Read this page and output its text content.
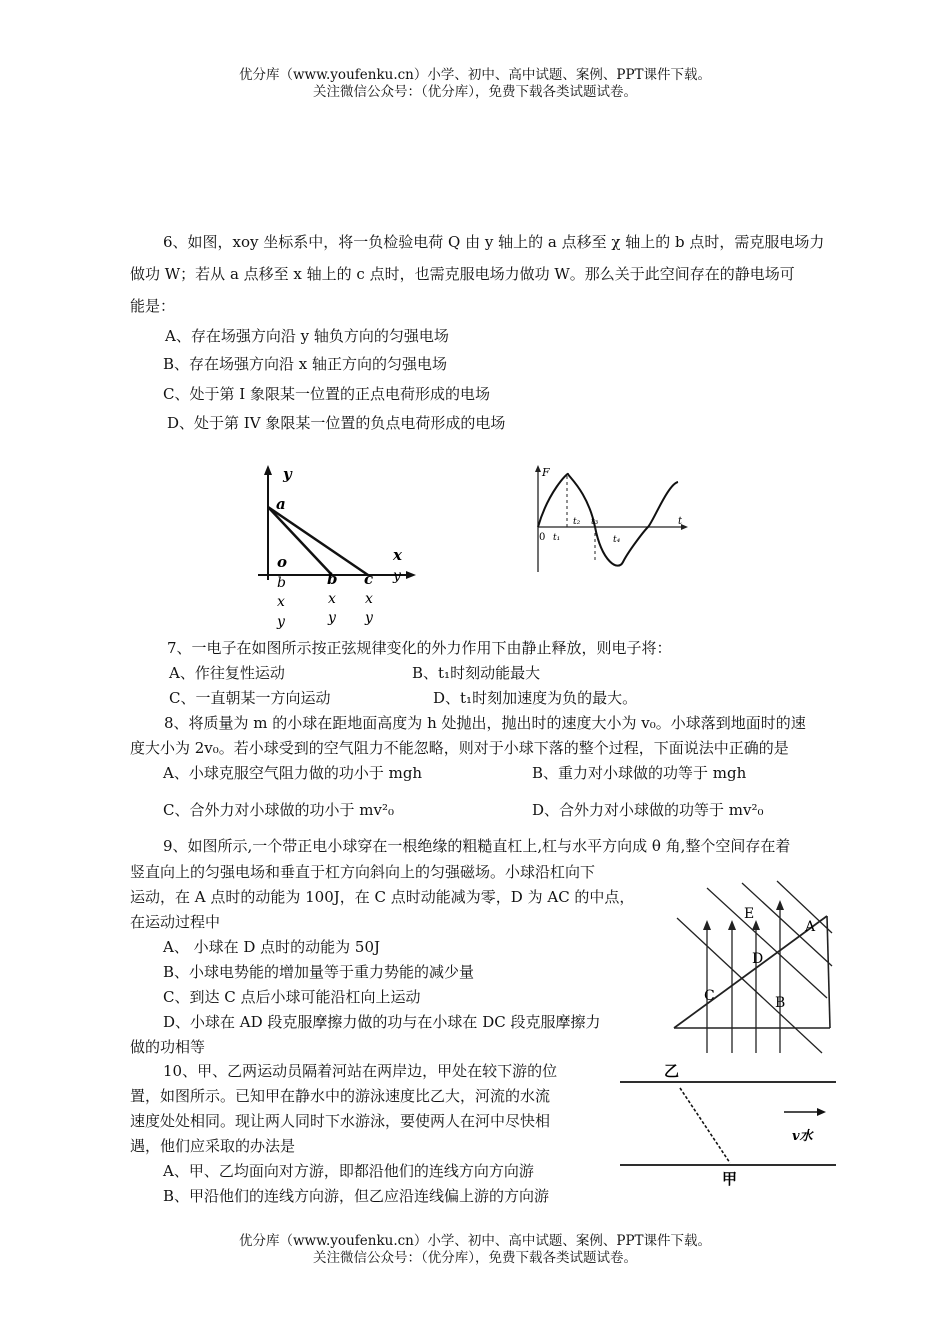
优分库（www.youfenku.cn）小学、初中、高中试题、案例、PPT课件下载。
关注微信公众号：（优分库），免费下载各类试题试卷。
6、如图，xoy 坐标系中，将一负检验电荷 Q 由 y 轴上的 a 点移至 χ 轴上的 b 点时，需克服电场力
做功 W；若从 a 点移至 x 轴上的 c 点时，也需克服电场力做功 W。那么关于此空间存在的静电场可
能是：
A、存在场强方向沿 y 轴负方向的匀强电场
B、存在场强方向沿 x 轴正方向的匀强电场
C、处于第 I 象限某一位置的正点电荷形成的电场
D、处于第 IV 象限某一位置的负点电荷形成的电场
y
a
o	x
b c y
b
x
y
x
y
x
y
F
t
0 t₁
t₂ t₃
t₄
7、一电子在如图所示按正弦规律变化的外力作用下由静止释放，则电子将：
A、作往复性运动	B、t₁时刻动能最大
C、一直朝某一方向运动	D、t₁时刻加速度为负的最大。
8、将质量为 m 的小球在距地面高度为 h 处抛出，抛出时的速度大小为 v₀。小球落到地面时的速
度大小为 2v₀。若小球受到的空气阻力不能忽略，则对于小球下落的整个过程，下面说法中正确的是
A、小球克服空气阻力做的功小于 mgh	B、重力对小球做的功等于 mgh
C、合外力对小球做的功小于 mv²₀	D、合外力对小球做的功等于 mv²₀
9、如图所示,一个带正电小球穿在一根绝缘的粗糙直杠上,杠与水平方向成 θ 角,整个空间存在着
竖直向上的匀强电场和垂直于杠方向斜向上的匀强磁场。小球沿杠向下
运动，在 A 点时的动能为 100J，在 C 点时动能减为零，D 为 AC 的中点，
在运动过程中
A、 小球在 D 点时的动能为 50J
B、小球电势能的增加量等于重力势能的减少量
C、到达 C 点后小球可能沿杠向上运动
D、小球在 AD 段克服摩擦力做的功与在小球在 DC 段克服摩擦力
做的功相等
E
A
D
C	B
10、甲、乙两运动员隔着河站在两岸边，甲处在较下游的位
置，如图所示。已知甲在静水中的游泳速度比乙大，河流的水流
速度处处相同。现让两人同时下水游泳，要使两人在河中尽快相
遇，他们应采取的办法是
A、甲、乙均面向对方游，即都沿他们的连线方向方向游
B、甲沿他们的连线方向游，但乙应沿连线偏上游的方向游
乙
甲
v水
优分库（www.youfenku.cn）小学、初中、高中试题、案例、PPT课件下载。
关注微信公众号：（优分库），免费下载各类试题试卷。
